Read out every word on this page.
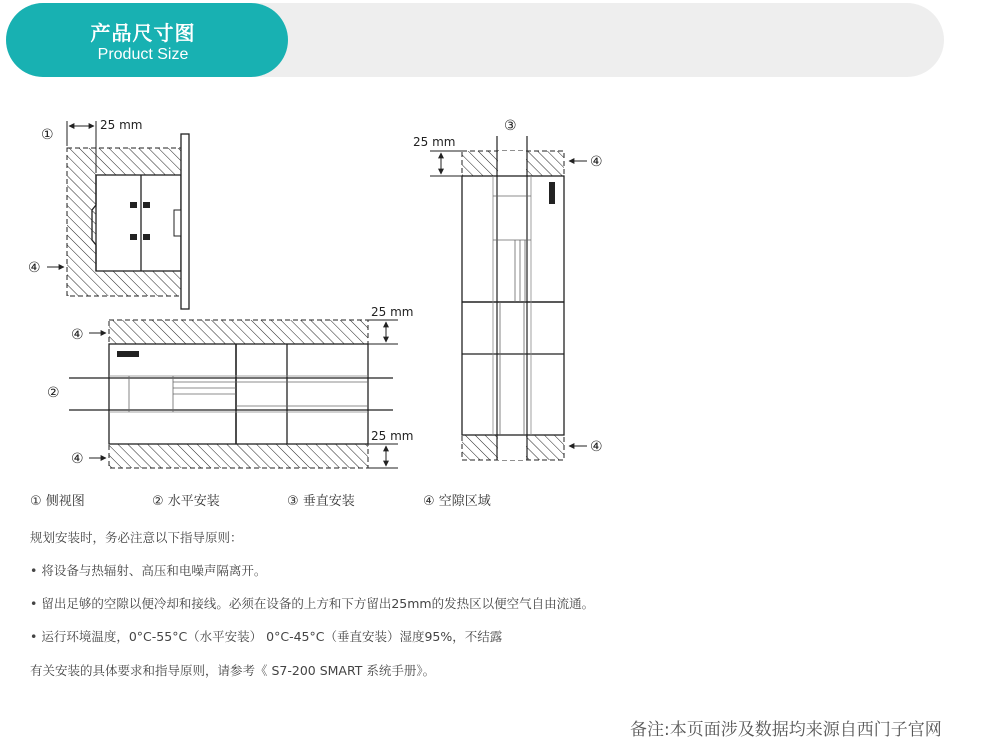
产品尺寸图
Product Size
25 mm
①
④
25 mm
25 mm
④
②
④
25 mm
③
④
④
① 侧视图	② 水平安装	③ 垂直安装	④ 空隙区域
规划安装时，务必注意以下指导原则：
• 将设备与热辐射、高压和电噪声隔离开。
• 留出足够的空隙以便冷却和接线。必须在设备的上方和下方留出25mm的发热区以便空气自由流通。
• 运行环境温度，0°C-55°C（水平安装） 0°C-45°C（垂直安装）湿度95%，不结露
有关安装的具体要求和指导原则，请参考《 S7-200 SMART 系统手册》。
备注:本页面涉及数据均来源自西门子官网
